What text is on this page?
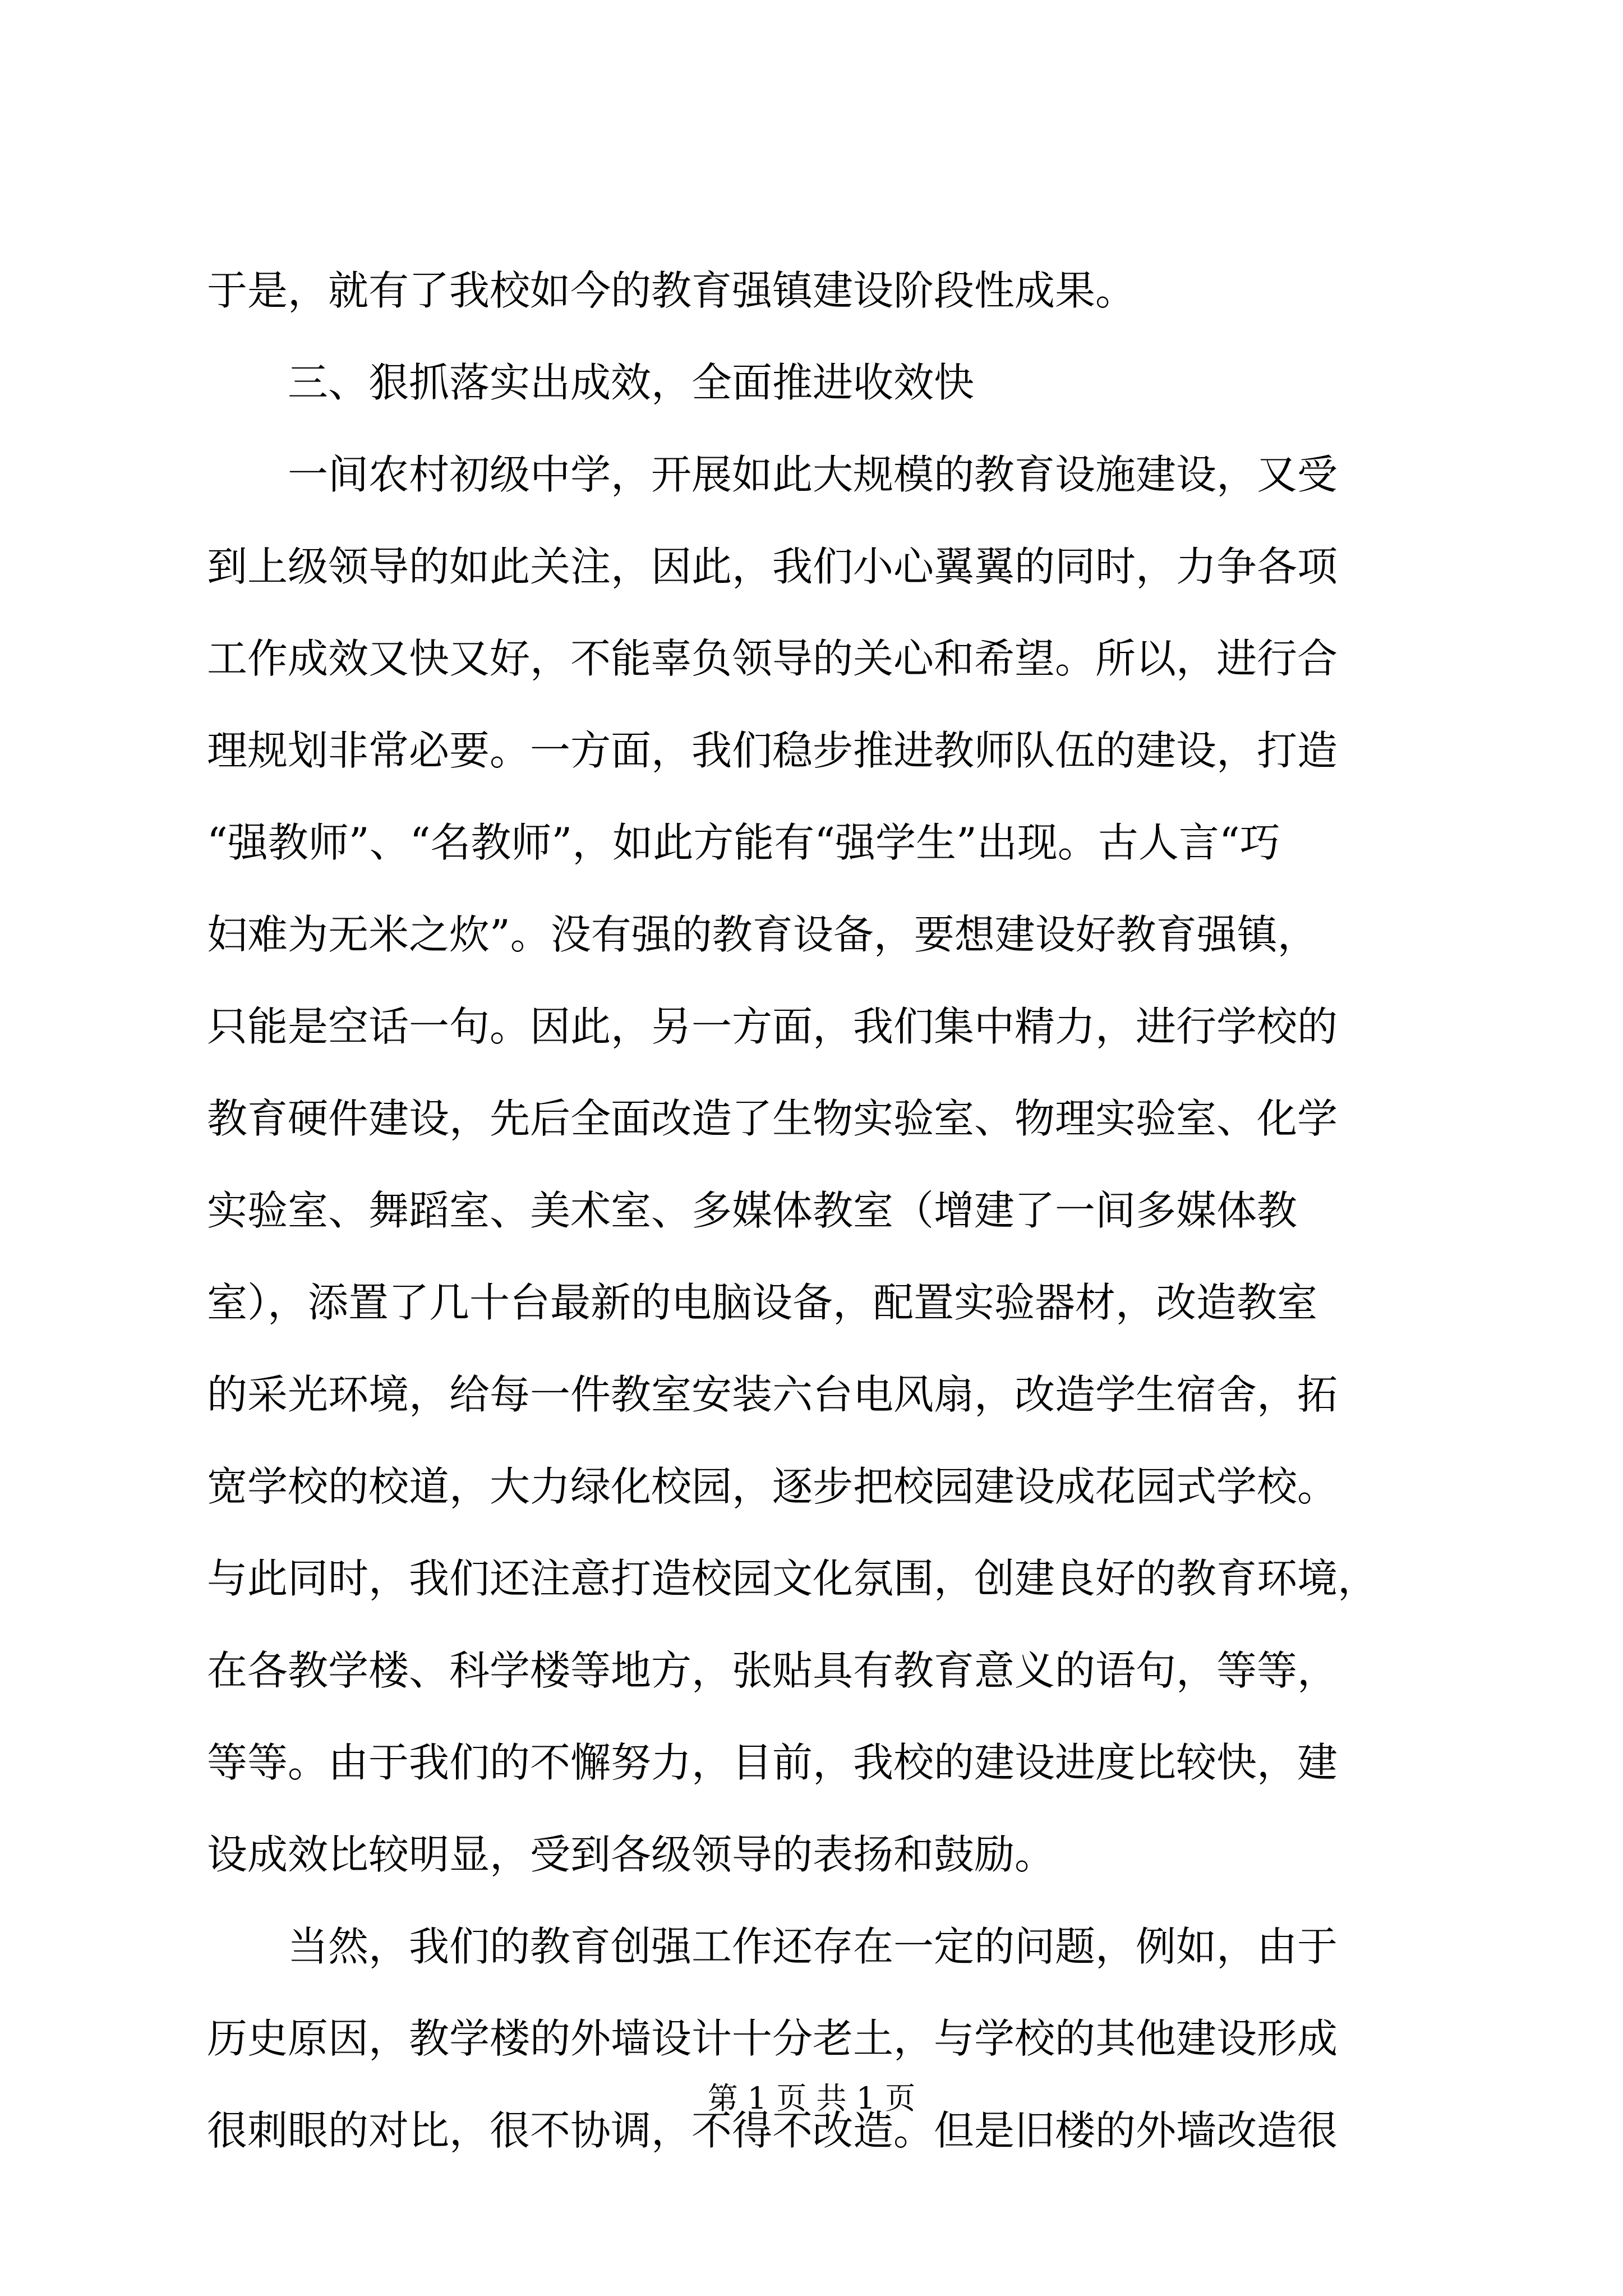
于是，就有了我校如今的教育强镇建设阶段性成果。
三、狠抓落实出成效，全面推进收效快
一间农村初级中学，开展如此大规模的教育设施建设，又受
到上级领导的如此关注，因此，我们小心翼翼的同时，力争各项
工作成效又快又好，不能辜负领导的关心和希望。所以，进行合
理规划非常必要。一方面，我们稳步推进教师队伍的建设，打造
“强教师”、“名教师”，如此方能有“强学生”出现。古人言“巧
妇难为无米之炊”。没有强的教育设备，要想建设好教育强镇，
只能是空话一句。因此，另一方面，我们集中精力，进行学校的
教育硬件建设，先后全面改造了生物实验室、物理实验室、化学
实验室、舞蹈室、美术室、多媒体教室（增建了一间多媒体教
室），添置了几十台最新的电脑设备，配置实验器材，改造教室
的采光环境，给每一件教室安装六台电风扇，改造学生宿舍，拓
宽学校的校道，大力绿化校园，逐步把校园建设成花园式学校。
与此同时，我们还注意打造校园文化氛围，创建良好的教育环境，
在各教学楼、科学楼等地方，张贴具有教育意义的语句，等等，
等等。由于我们的不懈努力，目前，我校的建设进度比较快，建
设成效比较明显，受到各级领导的表扬和鼓励。
当然，我们的教育创强工作还存在一定的问题，例如，由于
历史原因，教学楼的外墙设计十分老土，与学校的其他建设形成
很刺眼的对比，很不协调，不得不改造。但是旧楼的外墙改造很
第 1 页 共 1 页
